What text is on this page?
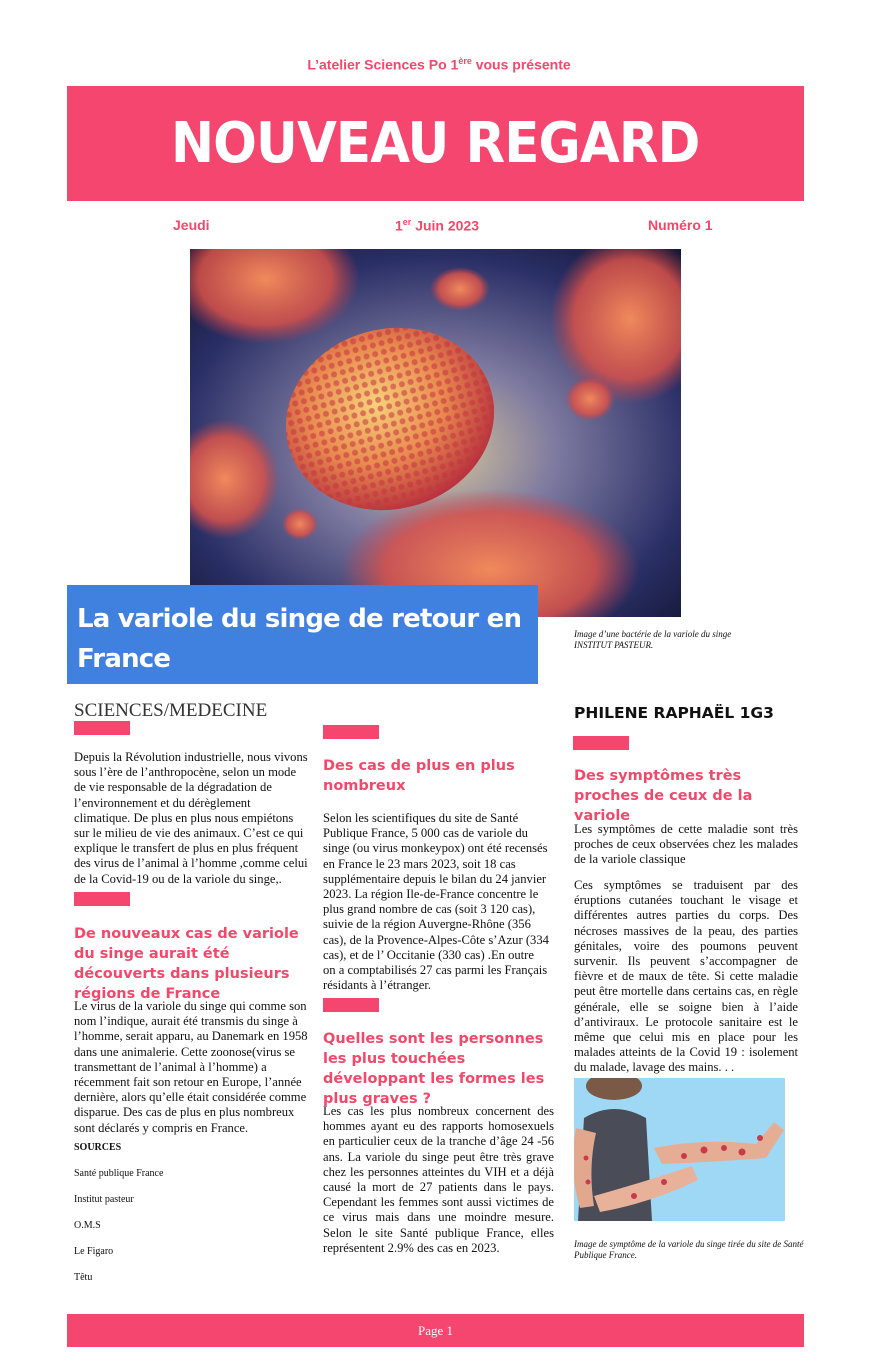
L’atelier Sciences Po 1ère vous présente
NOUVEAU REGARD
Jeudi	1er Juin 2023	Numéro 1
La variole du singe de retour en France
Image d’une bactérie de la variole du singe
INSTITUT PASTEUR.
SCIENCES/MEDECINE
Depuis la Révolution industrielle, nous vivons sous l’ère de l’anthropocène, selon un mode de vie responsable de la dégradation de l’environnement et du dérèglement climatique. De plus en plus nous empiétons sur le milieu de vie des animaux. C’est ce qui explique le transfert de plus en plus fréquent des virus de l’animal à l’homme ,comme celui de la Covid-19 ou de la variole du singe,.
De nouveaux cas de variole du singe aurait été découverts dans plusieurs régions de France
Le virus de la variole du singe qui comme son nom l’indique, aurait été transmis du singe à l’homme, serait apparu, au Danemark en 1958 dans une animalerie. Cette zoonose(virus se transmettant de l’animal à l’homme) a récemment fait son retour en Europe, l’année dernière, alors qu’elle était considérée comme disparue. Des cas de plus en plus nombreux sont déclarés y compris en France.
SOURCES
Santé publique France
Institut pasteur
O.M.S
Le Figaro
Têtu
Des cas de plus en plus nombreux
Selon les scientifiques du site de Santé Publique France, 5 000 cas de variole du singe (ou virus monkeypox) ont été recensés en France le 23 mars 2023, soit 18 cas supplémentaire depuis le bilan du 24 janvier 2023. La région Ile-de-France concentre le plus grand nombre de cas (soit 3 120 cas), suivie de la région Auvergne-Rhône (356 cas), de la Provence-Alpes-Côte s’Azur (334 cas), et de l’ Occitanie (330 cas) .En outre on a comptabilisés 27 cas parmi les Français résidants à l’étranger.
Quelles sont les personnes les plus touchées développant les formes les plus graves ?
Les cas les plus nombreux concernent des hommes ayant eu des rapports homosexuels en particulier ceux de la tranche d’âge 24 -56 ans. La variole du singe peut être très grave chez les personnes atteintes du VIH et a déjà causé la mort de 27 patients dans le pays. Cependant les femmes sont aussi victimes de ce virus mais dans une moindre mesure. Selon le site Santé publique France, elles représentent 2.9% des cas en 2023.
PHILENE RAPHAËL 1G3
Des symptômes très proches de ceux de la variole
Les symptômes de cette maladie sont très proches de ceux observées chez les malades de la variole classique
Ces symptômes se traduisent par des éruptions cutanées touchant le visage et différentes autres parties du corps. Des nécroses massives de la peau, des parties génitales, voire des poumons peuvent survenir. Ils peuvent s’accompagner de fièvre et de maux de tête. Si cette maladie peut être mortelle dans certains cas, en règle générale, elle se soigne bien à l’aide d’antiviraux. Le protocole sanitaire est le même que celui mis en place pour les malades atteints de la Covid 19 : isolement du malade, lavage des mains. . .
Image de symptôme de la variole du singe tirée du site de Santé Publique France.
Page 1
